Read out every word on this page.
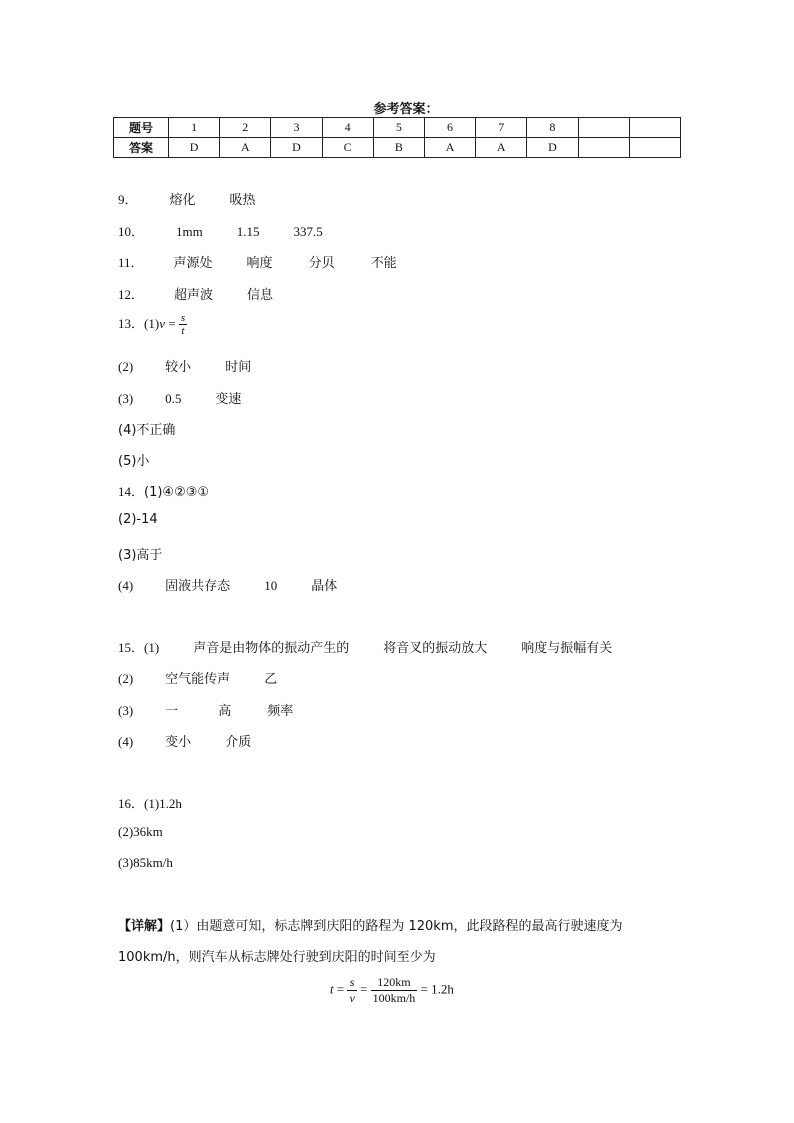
参考答案：
题号	1	2	3	4	5	6	7	8		
答案	D	A	D	C	B	A	A	D		
9． 熔化	吸热
10． 1mm	1.15	337.5
11． 声源处	响度	分贝	不能
12． 超声波	信息
13．$(1)v = \frac{s}{t}$
(2) 较小	时间
(3) 0.5	变速
(4)不正确
(5)小
14．(1)④②③①
(2)-14
(3)高于
(4) 固液共存态	10	晶体
15．(1)	声音是由物体的振动产生的	将音叉的振动放大	响度与振幅有关
(2) 空气能传声	乙
(3) 一	高	频率
(4) 变小	介质
16．(1)1.2h
(2)36km
(3)85km/h
【详解】(1）由题意可知，标志牌到庆阳的路程为 120km，此段路程的最高行驶速度为
100km/h，则汽车从标志牌处行驶到庆阳的时间至少为
$t = \frac{s}{v} = \frac{120km}{100km/h} = 1.2h$
